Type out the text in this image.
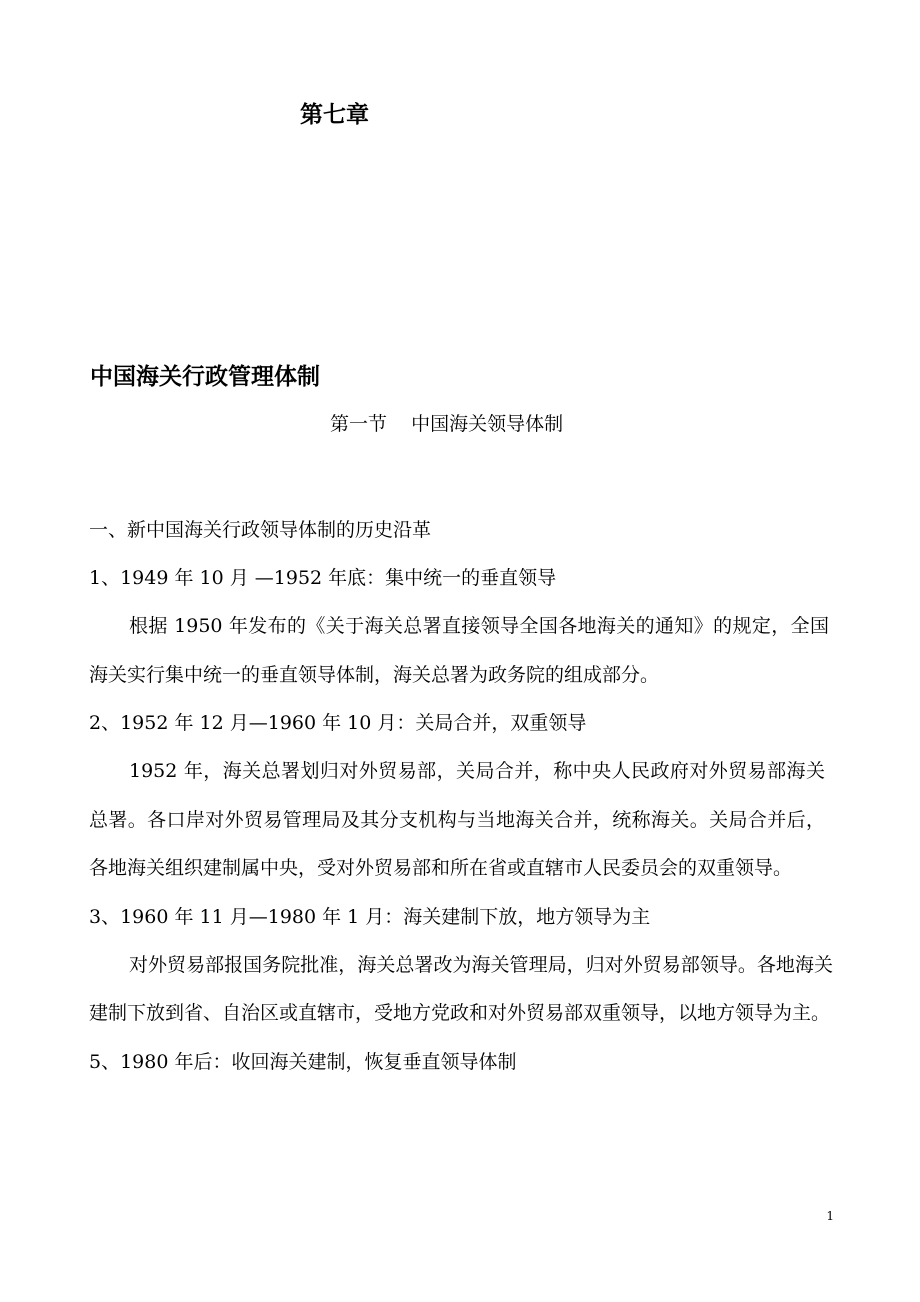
第七章
中国海关行政管理体制
第一节    中国海关领导体制
一、新中国海关行政领导体制的历史沿革
1、1949 年 10 月 —1952 年底：集中统一的垂直领导
根据 1950 年发布的《关于海关总署直接领导全国各地海关的通知》的规定，全国海关实行集中统一的垂直领导体制，海关总署为政务院的组成部分。
2、1952 年 12 月—1960 年 10 月：关局合并，双重领导
1952 年，海关总署划归对外贸易部，关局合并，称中央人民政府对外贸易部海关总署。各口岸对外贸易管理局及其分支机构与当地海关合并，统称海关。关局合并后，各地海关组织建制属中央，受对外贸易部和所在省或直辖市人民委员会的双重领导。
3、1960 年 11 月—1980 年 1 月：海关建制下放，地方领导为主
对外贸易部报国务院批准，海关总署改为海关管理局，归对外贸易部领导。各地海关建制下放到省、自治区或直辖市，受地方党政和对外贸易部双重领导，以地方领导为主。
5、1980 年后：收回海关建制，恢复垂直领导体制
1
